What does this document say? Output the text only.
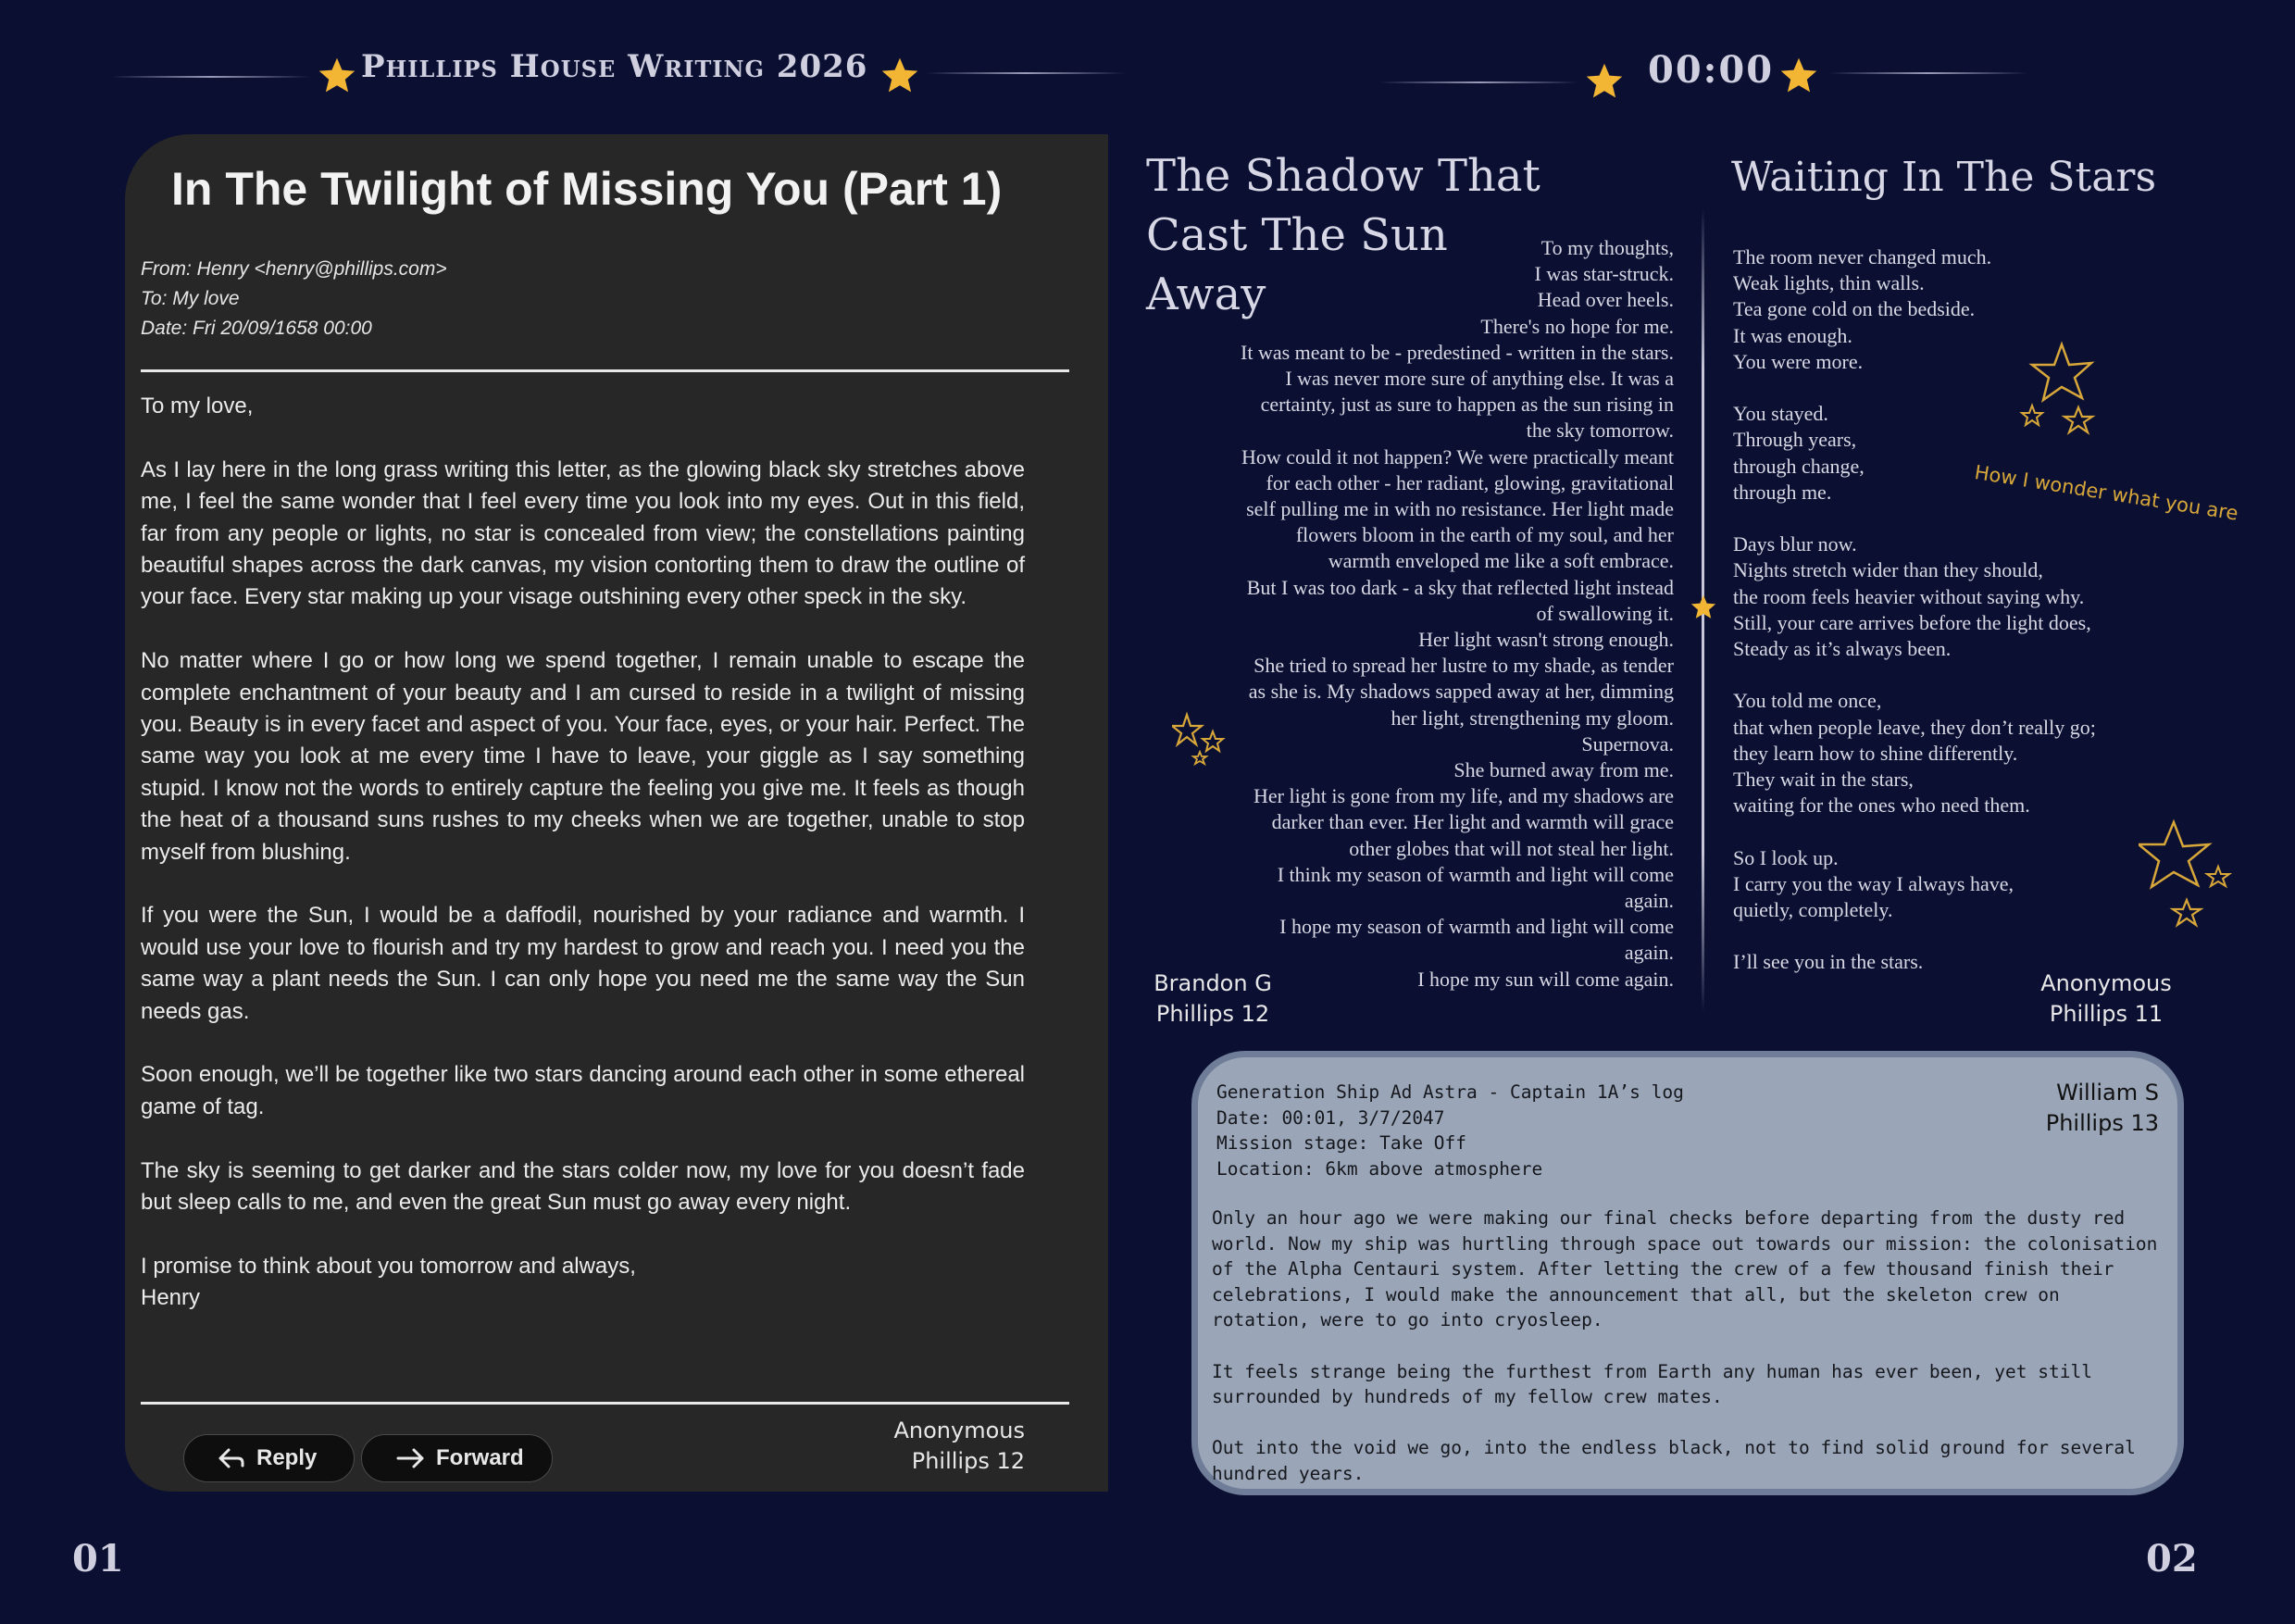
Phillips House Writing 2026	00:00
In The Twilight of Missing You (Part 1)
From: Henry <henry@phillips.com>
To: My love
Date: Fri 20/09/1658 00:00

To my love,

As I lay here in the long grass writing this letter, as the glowing black sky stretches above me, I feel the same wonder that I feel every time you look into my eyes. Out in this field, far from any people or lights, no star is concealed from view; the constellations painting beautiful shapes across the dark canvas, my vision contorting them to draw the outline of your face. Every star making up your visage outshining every other speck in the sky.

No matter where I go or how long we spend together, I remain unable to escape the complete enchantment of your beauty and I am cursed to reside in a twilight of missing you. Beauty is in every facet and aspect of you. Your face, eyes, or your hair. Perfect. The same way you look at me every time I have to leave, your giggle as I say something stupid. I know not the words to entirely capture the feeling you give me. It feels as though the heat of a thousand suns rushes to my cheeks when we are together, unable to stop myself from blushing.

If you were the Sun, I would be a daffodil, nourished by your radiance and warmth. I would use your love to flourish and try my hardest to grow and reach you. I need you the same way a plant needs the Sun. I can only hope you need me the same way the Sun needs gas.

Soon enough, we’ll be together like two stars dancing around each other in some ethereal game of tag.

The sky is seeming to get darker and the stars colder now, my love for you doesn’t fade but sleep calls to me, and even the great Sun must go away every night.

I promise to think about you tomorrow and always,

Henry

Reply	Forward
Anonymous
Phillips 12
The Shadow That
Cast The Sun
Away
To my thoughts,
I was star-struck.
Head over heels.
There's no hope for me.
It was meant to be - predestined - written in the stars.
I was never more sure of anything else. It was a
certainty, just as sure to happen as the sun rising in
the sky tomorrow.
How could it not happen? We were practically meant
for each other - her radiant, glowing, gravitational
self pulling me in with no resistance. Her light made
flowers bloom in the earth of my soul, and her
warmth enveloped me like a soft embrace.
But I was too dark - a sky that reflected light instead
of swallowing it.
Her light wasn't strong enough.
She tried to spread her lustre to my shade, as tender
as she is. My shadows sapped away at her, dimming
her light, strengthening my gloom.
Supernova.
She burned away from me.
Her light is gone from my life, and my shadows are
darker than ever. Her light and warmth will grace
other globes that will not steal her light.
I think my season of warmth and light will come
again.
I hope my season of warmth and light will come
again.
I hope my sun will come again.
Brandon G
Phillips 12
Waiting In The Stars
The room never changed much.
Weak lights, thin walls.
Tea gone cold on the bedside.
It was enough.
You were more.
You stayed.
Through years,
through change,
through me.
Days blur now.
Nights stretch wider than they should,
the room feels heavier without saying why.
Still, your care arrives before the light does,
Steady as it’s always been.
You told me once,
that when people leave, they don’t really go;
they learn how to shine differently.
They wait in the stars,
waiting for the ones who need them.
So I look up.
I carry you the way I always have,
quietly, completely.
I’ll see you in the stars.
How I wonder what you are
Anonymous
Phillips 11
Generation Ship Ad Astra - Captain 1A’s log
Date: 00:01, 3/7/2047
Mission stage: Take Off
Location: 6km above atmosphere
William S
Phillips 13

Only an hour ago we were making our final checks before departing from the dusty red world. Now my ship was hurtling through space out towards our mission: the colonisation of the Alpha Centauri system. After letting the crew of a few thousand finish their celebrations, I would make the announcement that all, but the skeleton crew on rotation, were to go into cryosleep.

It feels strange being the furthest from Earth any human has ever been, yet still surrounded by hundreds of my fellow crew mates.

Out into the void we go, into the endless black, not to find solid ground for several hundred years.

01	02
